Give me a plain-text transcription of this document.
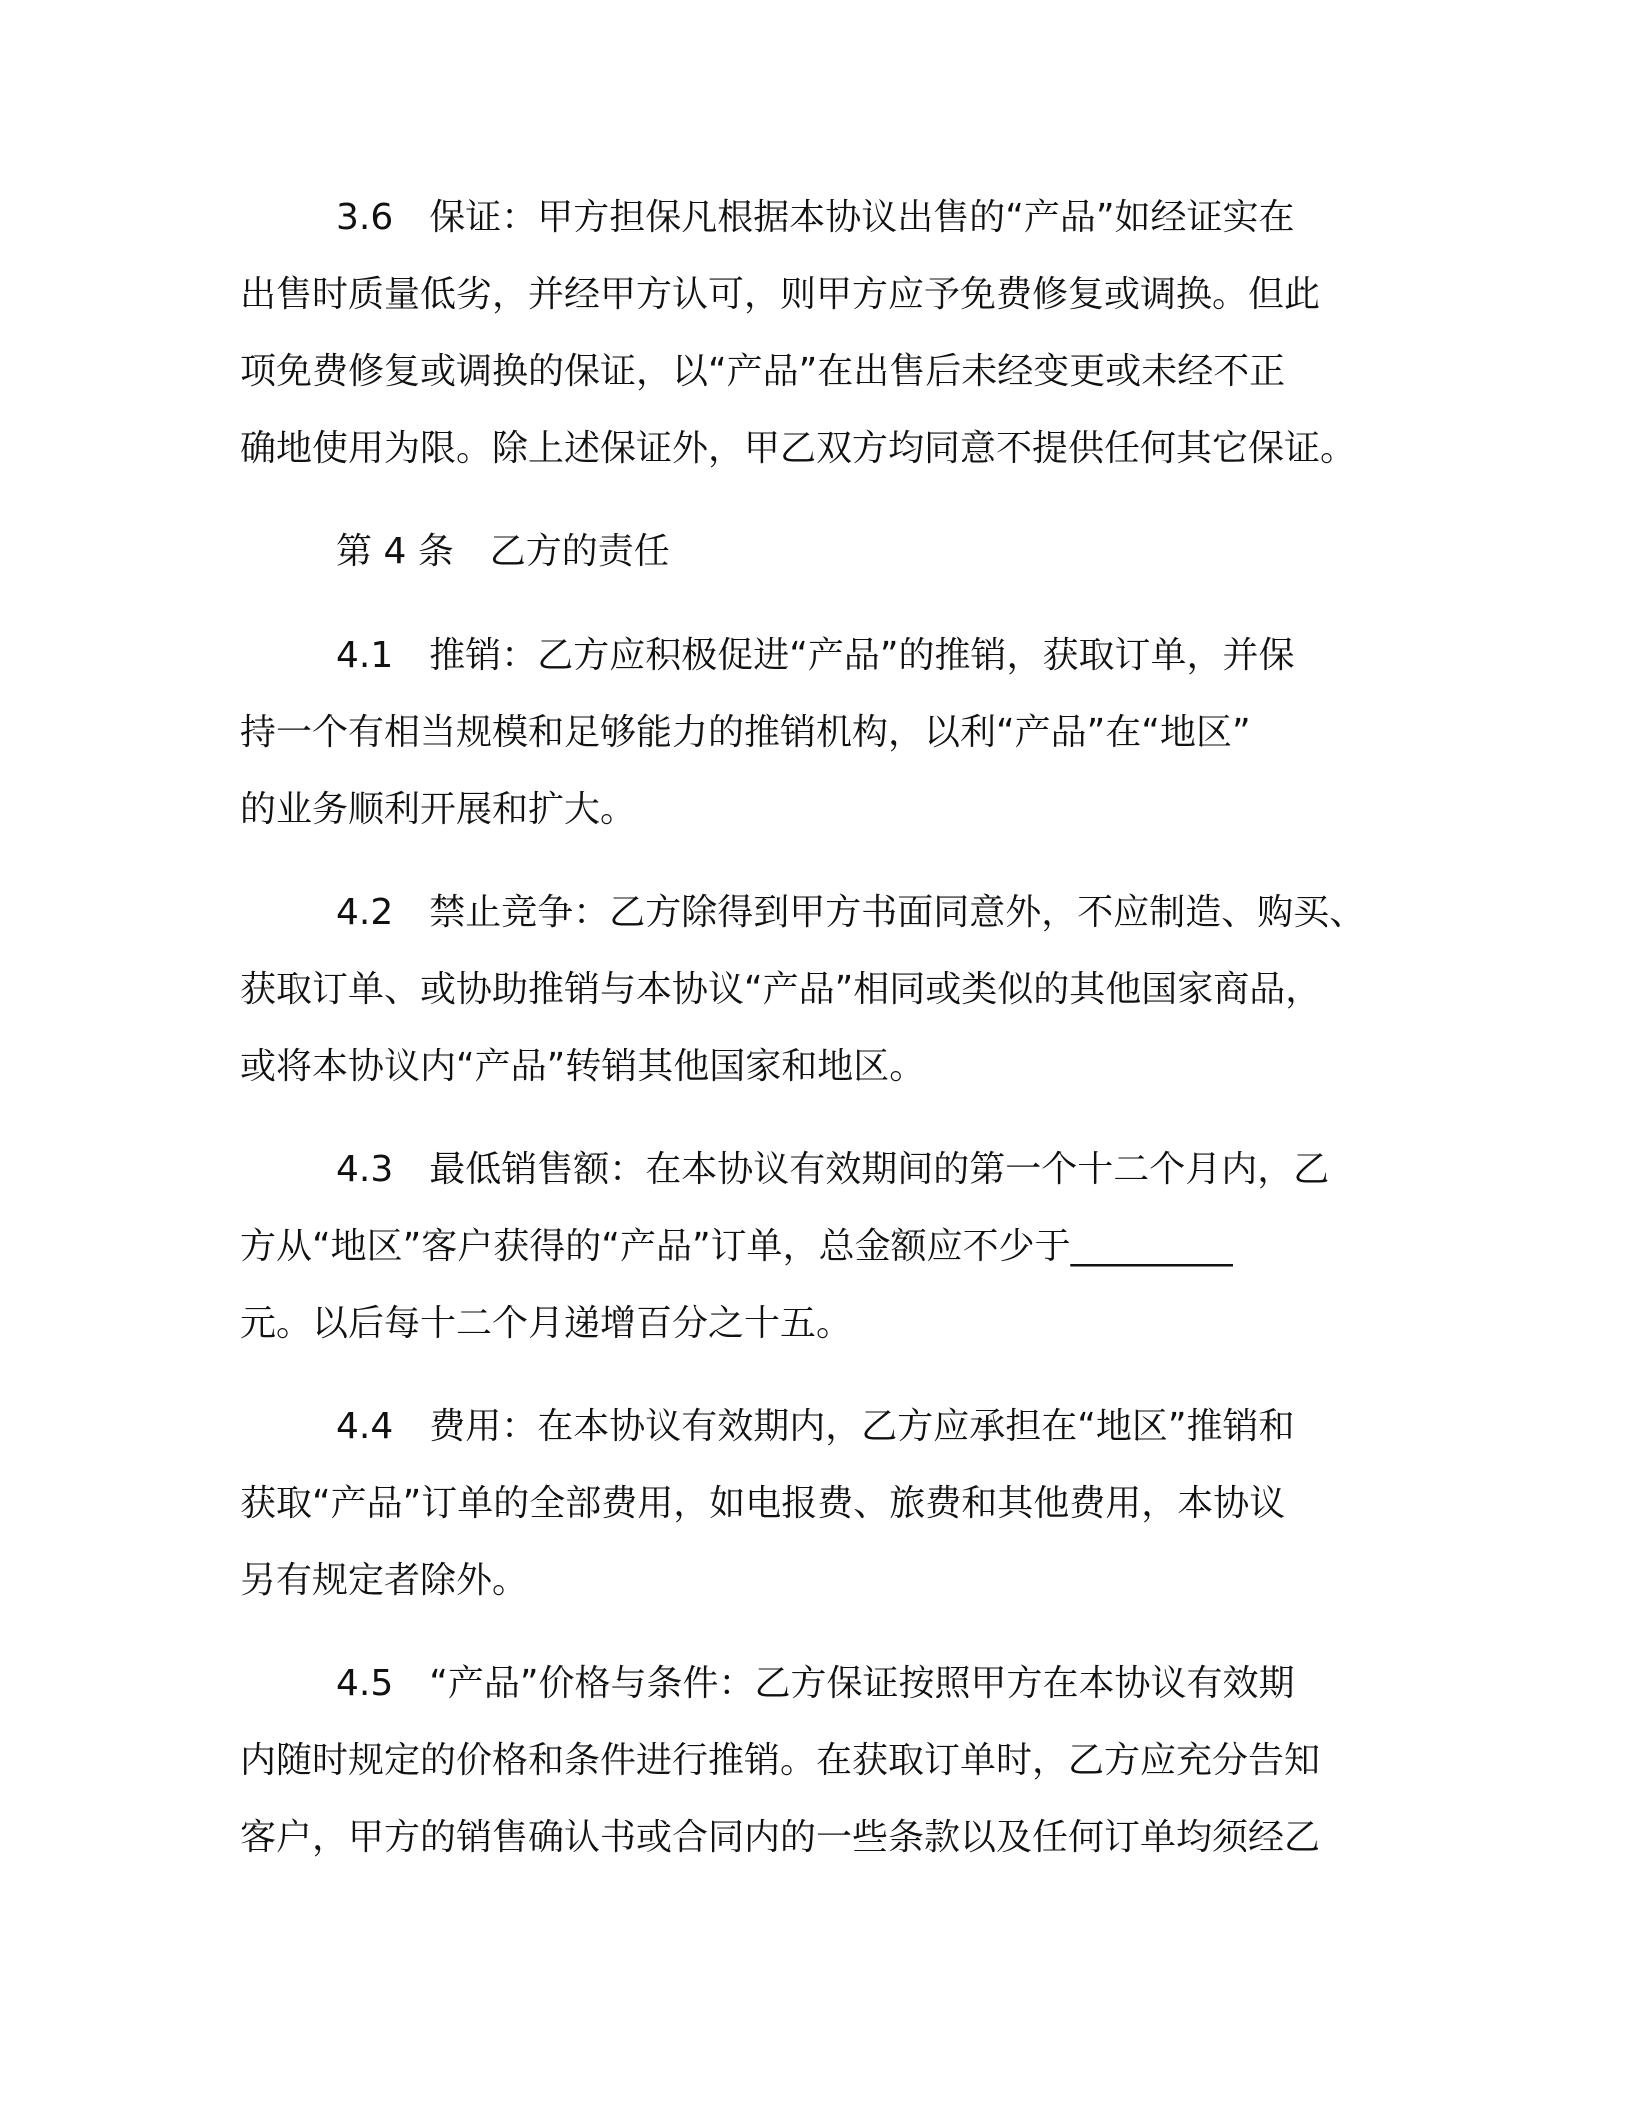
3.6　保证：甲方担保凡根据本协议出售的“产品”如经证实在
出售时质量低劣，并经甲方认可，则甲方应予免费修复或调换。但此
项免费修复或调换的保证，以“产品”在出售后未经变更或未经不正
确地使用为限。除上述保证外，甲乙双方均同意不提供任何其它保证。
第 4 条　乙方的责任
4.1　推销：乙方应积极促进“产品”的推销，获取订单，并保
持一个有相当规模和足够能力的推销机构，以利“产品”在“地区”
的业务顺利开展和扩大。
4.2　禁止竞争：乙方除得到甲方书面同意外，不应制造、购买、
获取订单、或协助推销与本协议“产品”相同或类似的其他国家商品，
或将本协议内“产品”转销其他国家和地区。
4.3　最低销售额：在本协议有效期间的第一个十二个月内，乙
方从“地区”客户获得的“产品”订单，总金额应不少于_________
元。以后每十二个月递增百分之十五。
4.4　费用：在本协议有效期内，乙方应承担在“地区”推销和
获取“产品”订单的全部费用，如电报费、旅费和其他费用，本协议
另有规定者除外。
4.5　“产品”价格与条件：乙方保证按照甲方在本协议有效期
内随时规定的价格和条件进行推销。在获取订单时，乙方应充分告知
客户，甲方的销售确认书或合同内的一些条款以及任何订单均须经乙
